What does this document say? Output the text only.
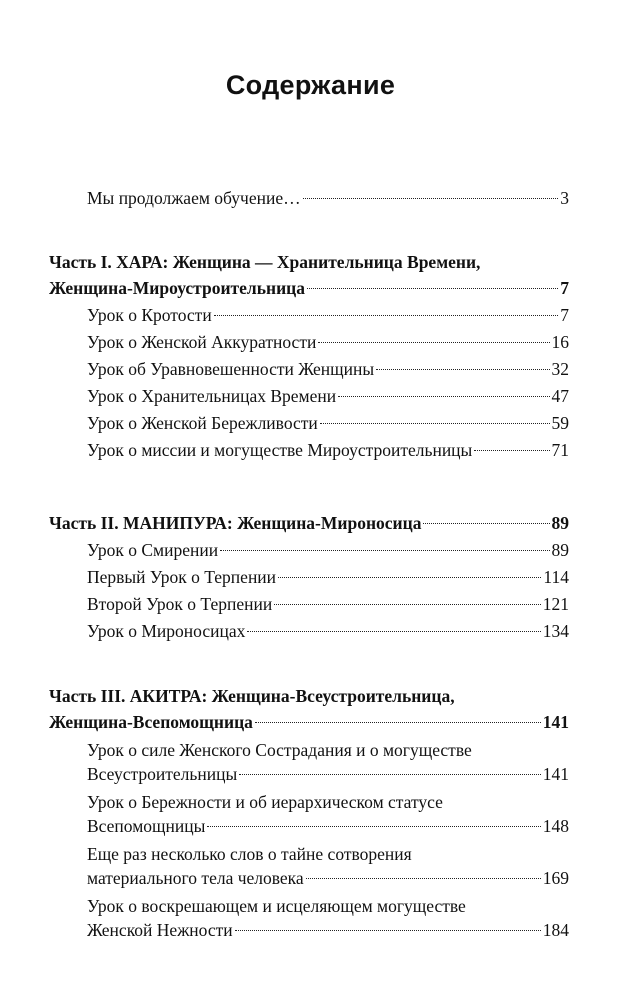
Содержание
Мы продолжаем обучение…	3
Часть I. ХАРА: Женщина — Хранительница Времени,
Женщина-Мироустроительница	7
Урок о Кротости	7
Урок о Женской Аккуратности	16
Урок об Уравновешенности Женщины	32
Урок о Хранительницах Времени	47
Урок о Женской Бережливости	59
Урок о миссии и могуществе Мироустроительницы	71
Часть II. МАНИПУРА: Женщина-Мироносица	89
Урок о Смирении	89
Первый Урок о Терпении	114
Второй Урок о Терпении	121
Урок о Мироносицах	134
Часть III. АКИТРА: Женщина-Всеустроительница,
Женщина-Всепомощница	141
Урок о силе Женского Сострадания и о могуществе
Всеустроительницы	141
Урок о Бережности и об иерархическом статусе
Всепомощницы	148
Еще раз несколько слов о тайне сотворения
материального тела человека	169
Урок о воскрешающем и исцеляющем могуществе
Женской Нежности	184
